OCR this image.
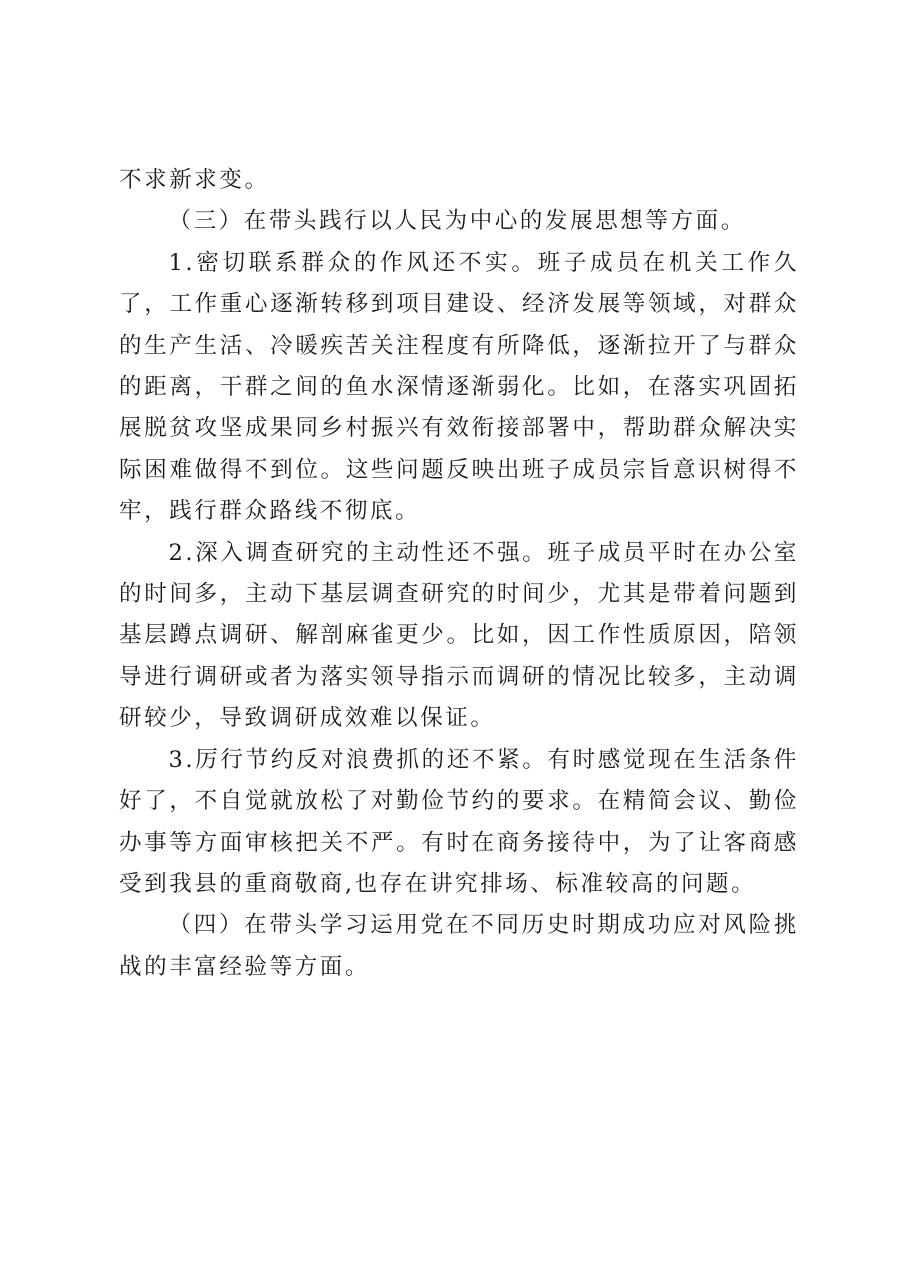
不求新求变。

（三）在带头践行以人民为中心的发展思想等方面。

1.密切联系群众的作风还不实。班子成员在机关工作久了，工作重心逐渐转移到项目建设、经济发展等领域，对群众的生产生活、冷暖疾苦关注程度有所降低，逐渐拉开了与群众的距离，干群之间的鱼水深情逐渐弱化。比如，在落实巩固拓展脱贫攻坚成果同乡村振兴有效衔接部署中，帮助群众解决实际困难做得不到位。这些问题反映出班子成员宗旨意识树得不牢，践行群众路线不彻底。

2.深入调查研究的主动性还不强。班子成员平时在办公室的时间多，主动下基层调查研究的时间少，尤其是带着问题到基层蹲点调研、解剖麻雀更少。比如，因工作性质原因，陪领导进行调研或者为落实领导指示而调研的情况比较多，主动调研较少，导致调研成效难以保证。

3.厉行节约反对浪费抓的还不紧。有时感觉现在生活条件好了，不自觉就放松了对勤俭节约的要求。在精简会议、勤俭办事等方面审核把关不严。有时在商务接待中，为了让客商感受到我县的重商敬商,也存在讲究排场、标准较高的问题。

（四）在带头学习运用党在不同历史时期成功应对风险挑战的丰富经验等方面。
